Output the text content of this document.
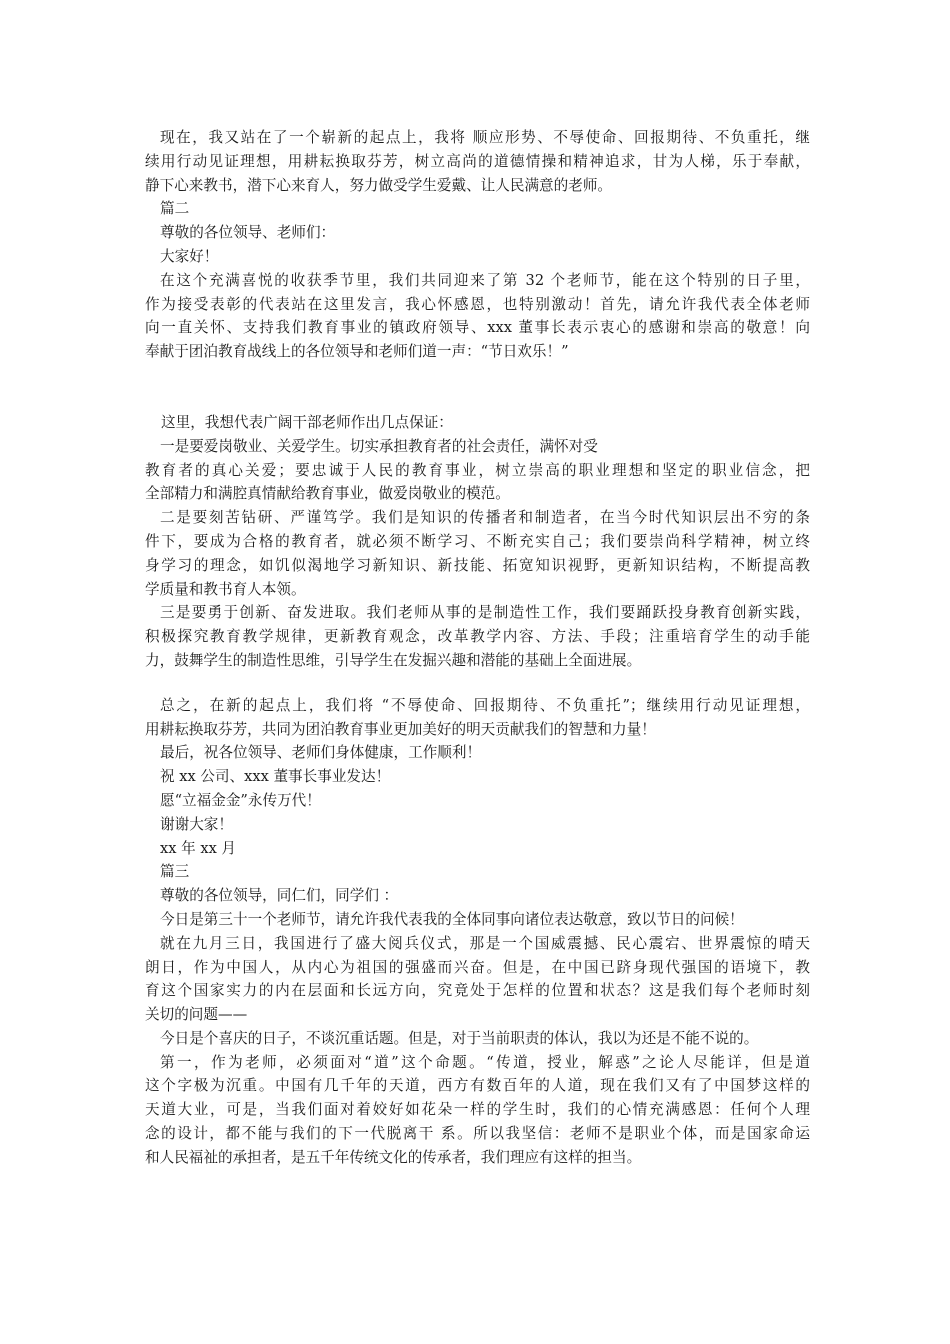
现在，我又站在了一个崭新的起点上，我将 顺应形势、不辱使命、回报期待、不负重托，继
续用行动见证理想，用耕耘换取芬芳，树立高尚的道德情操和精神追求，甘为人梯，乐于奉献，
静下心来教书，潜下心来育人，努力做受学生爱戴、让人民满意的老师。
篇二
尊敬的各位领导、老师们：
大家好！
在这个充满喜悦的收获季节里，我们共同迎来了第 32 个老师节，能在这个特别的日子里，
作为接受表彰的代表站在这里发言，我心怀感恩，也特别激动！首先，请允许我代表全体老师
向一直关怀、支持我们教育事业的镇政府领导、xxx 董事长表示衷心的感谢和崇高的敬意！向
奉献于团泊教育战线上的各位领导和老师们道一声：“节日欢乐！”
这里，我想代表广阔干部老师作出几点保证：
一是要爱岗敬业、关爱学生。切实承担教育者的社会责任，满怀对受
教育者的真心关爱；要忠诚于人民的教育事业，树立崇高的职业理想和坚定的职业信念，把
全部精力和满腔真情献给教育事业，做爱岗敬业的模范。
二是要刻苦钻研、严谨笃学。我们是知识的传播者和制造者，在当今时代知识层出不穷的条
件下，要成为合格的教育者，就必须不断学习、不断充实自己；我们要崇尚科学精神，树立终
身学习的理念，如饥似渴地学习新知识、新技能、拓宽知识视野，更新知识结构，不断提高教
学质量和教书育人本领。
三是要勇于创新、奋发进取。我们老师从事的是制造性工作，我们要踊跃投身教育创新实践，
积极探究教育教学规律，更新教育观念，改革教学内容、方法、手段；注重培育学生的动手能
力，鼓舞学生的制造性思维，引导学生在发掘兴趣和潜能的基础上全面进展。
总之，在新的起点上，我们将 “不辱使命、回报期待、不负重托”；继续用行动见证理想，
用耕耘换取芬芳，共同为团泊教育事业更加美好的明天贡献我们的智慧和力量！
最后，祝各位领导、老师们身体健康，工作顺利！
祝 xx 公司、xxx 董事长事业发达！
愿“立福金金”永传万代！
谢谢大家！
xx 年 xx 月
篇三
尊敬的各位领导，同仁们，同学们 ：
今日是第三十一个老师节，请允许我代表我的全体同事向诸位表达敬意，致以节日的问候！
就在九月三日，我国进行了盛大阅兵仪式，那是一个国威震撼、民心震宕、世界震惊的晴天
朗日，作为中国人，从内心为祖国的强盛而兴奋。但是，在中国已跻身现代强国的语境下，教
育这个国家实力的内在层面和长远方向，究竟处于怎样的位置和状态？这是我们每个老师时刻
关切的问题——
今日是个喜庆的日子，不谈沉重话题。但是，对于当前职责的体认，我以为还是不能不说的。
第一，作为老师，必须面对“道”这个命题。“传道，授业，解惑”之论人尽能详，但是道
这个字极为沉重。中国有几千年的天道，西方有数百年的人道，现在我们又有了中国梦这样的
天道大业，可是，当我们面对着姣好如花朵一样的学生时，我们的心情充满感恩：任何个人理
念的设计，都不能与我们的下一代脱离干 系。所以我坚信：老师不是职业个体，而是国家命运
和人民福祉的承担者，是五千年传统文化的传承者，我们理应有这样的担当。
